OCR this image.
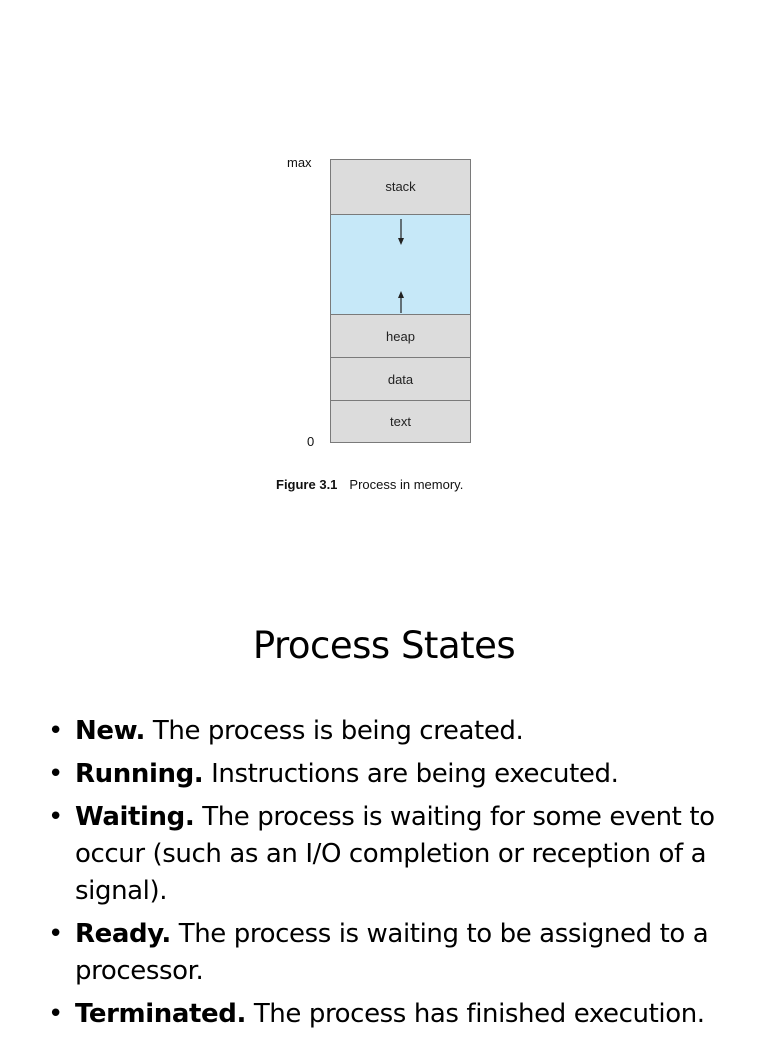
max
0
stack
heap
data
text
Figure 3.1 Process in memory.
Process States
• New. The process is being created.
• Running. Instructions are being executed.
• Waiting. The process is waiting for some event to occur (such as an I/O completion or reception of a signal).
• Ready. The process is waiting to be assigned to a processor.
• Terminated. The process has finished execution.
